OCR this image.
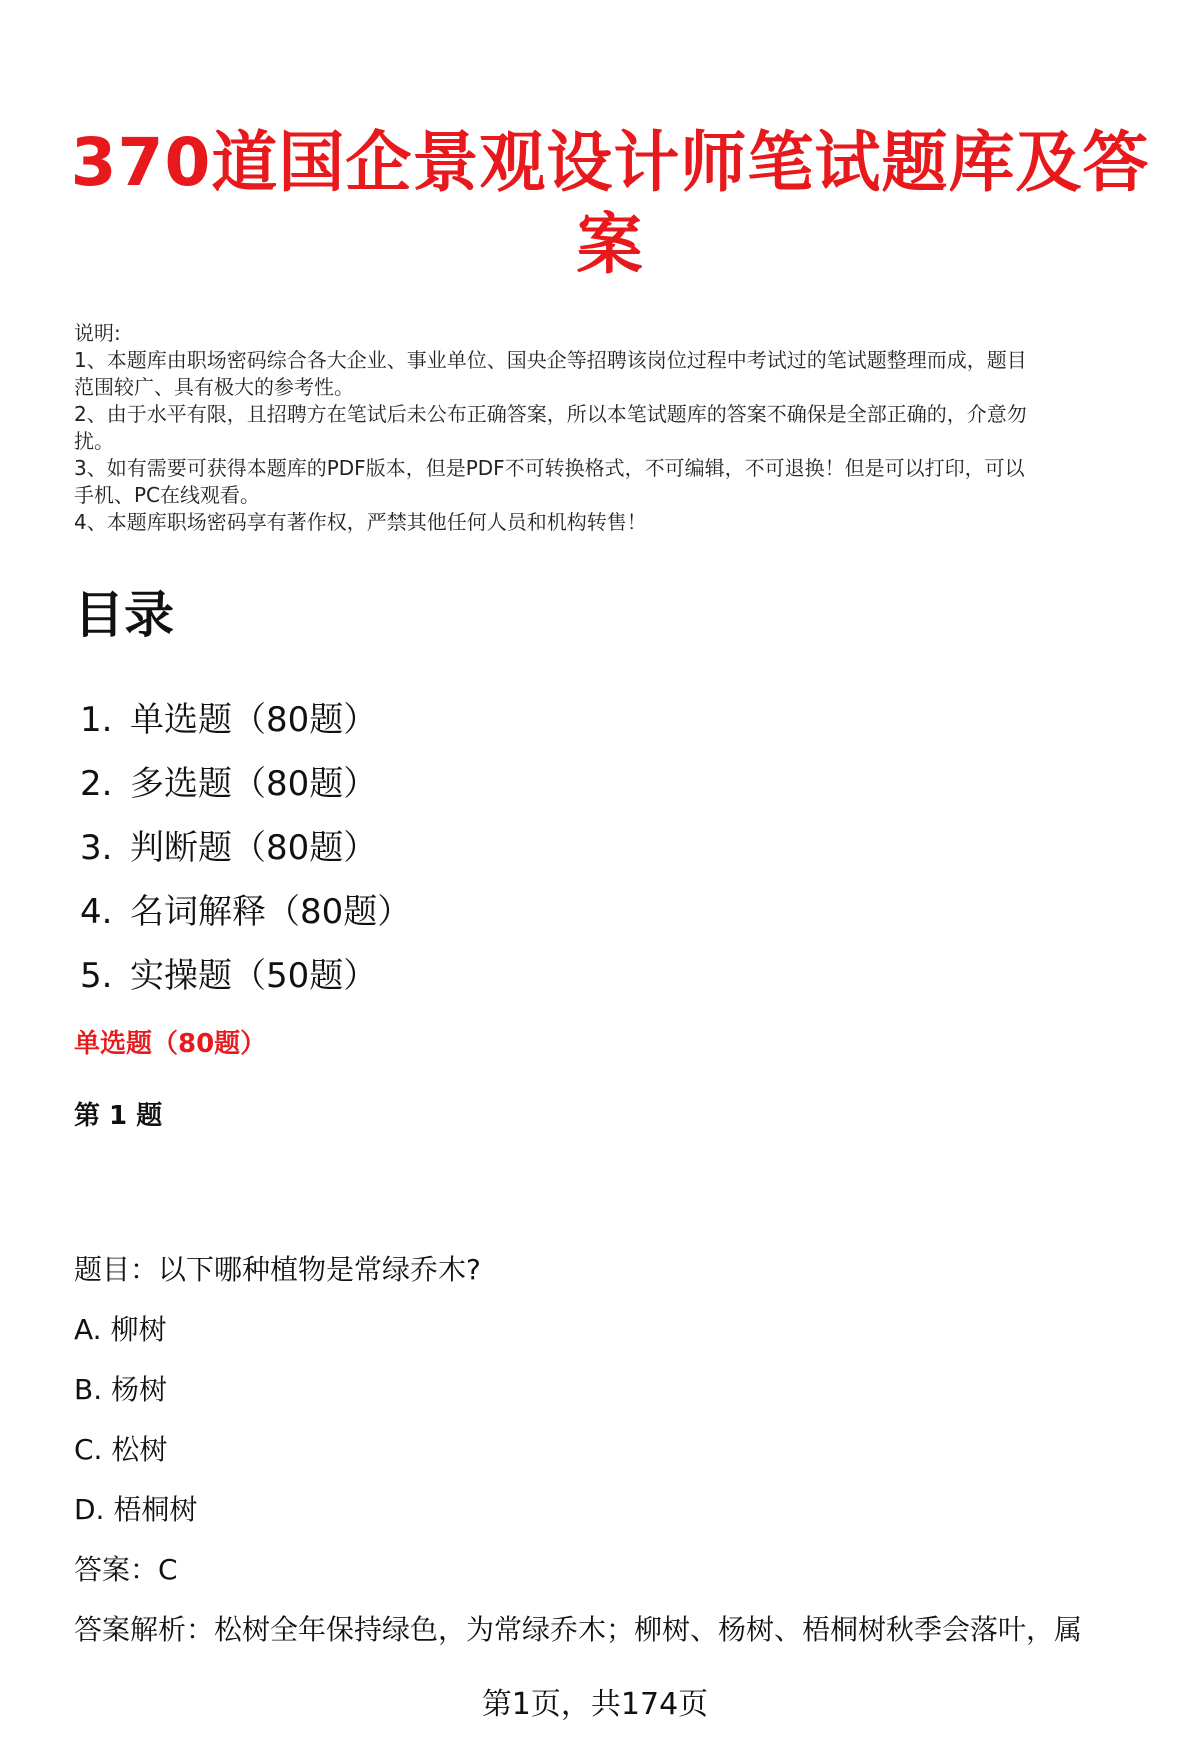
370道国企景观设计师笔试题库及答
案
说明:
1、本题库由职场密码综合各大企业、事业单位、国央企等招聘该岗位过程中考试过的笔试题整理而成，题目
范围较广、具有极大的参考性。
2、由于水平有限，且招聘方在笔试后未公布正确答案，所以本笔试题库的答案不确保是全部正确的，介意勿
扰。
3、如有需要可获得本题库的PDF版本，但是PDF不可转换格式，不可编辑，不可退换！但是可以打印，可以
手机、PC在线观看。
4、本题库职场密码享有著作权，严禁其他任何人员和机构转售！
目录
1. 单选题（80题）
2. 多选题（80题）
3. 判断题（80题）
4. 名词解释（80题）
5. 实操题（50题）
单选题（80题）
第 1 题
题目：以下哪种植物是常绿乔木?
A. 柳树
B. 杨树
C. 松树
D. 梧桐树
答案：C
答案解析：松树全年保持绿色，为常绿乔木；柳树、杨树、梧桐树秋季会落叶，属
第1页，共174页
